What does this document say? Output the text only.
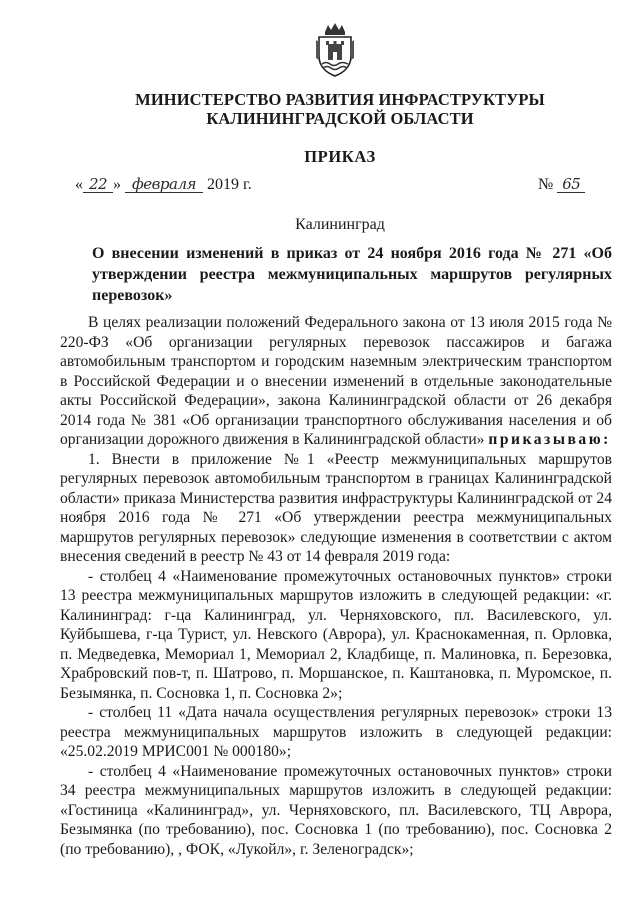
МИНИСТЕРСТВО РАЗВИТИЯ ИНФРАСТРУКТУРЫ
КАЛИНИНГРАДСКОЙ ОБЛАСТИ
ПРИКАЗ
« 22 » февраля 2019 г.	№ 65
Калининград
О внесении изменений в приказ от 24 ноября 2016 года № 271 «Об утверждении реестра межмуниципальных маршрутов регулярных перевозок»

В целях реализации положений Федерального закона от 13 июля 2015 года № 220-ФЗ «Об организации регулярных перевозок пассажиров и багажа автомобильным транспортом и городским наземным электрическим транспортом в Российской Федерации и о внесении изменений в отдельные законодательные акты Российской Федерации», закона Калининградской области от 26 декабря 2014 года № 381 «Об организации транспортного обслуживания населения и об организации дорожного движения в Калининградской области» приказываю:

1. Внести в приложение №1 «Реестр межмуниципальных маршрутов регулярных перевозок автомобильным транспортом в границах Калининградской области» приказа Министерства развития инфраструктуры Калининградской от 24 ноября 2016 года № 271 «Об утверждении реестра межмуниципальных маршрутов регулярных перевозок» следующие изменения в соответствии с актом внесения сведений в реестр № 43 от 14 февраля 2019 года:

- столбец 4 «Наименование промежуточных остановочных пунктов» строки 13 реестра межмуниципальных маршрутов изложить в следующей редакции: «г. Калининград: г-ца Калининград, ул. Черняховского, пл. Василевского, ул. Куйбышева, г-ца Турист, ул. Невского (Аврора), ул. Краснокаменная, п. Орловка, п. Медведевка, Мемориал 1, Мемориал 2, Кладбище, п. Малиновка, п. Березовка, Храбровский пов-т, п. Шатрово, п. Моршанское, п. Каштановка, п. Муромское, п. Безымянка, п. Сосновка 1, п. Сосновка 2»;

- столбец 11 «Дата начала осуществления регулярных перевозок» строки 13 реестра межмуниципальных маршрутов изложить в следующей редакции: «25.02.2019 МРИС001 № 000180»;

- столбец 4 «Наименование промежуточных остановочных пунктов» строки 34 реестра межмуниципальных маршрутов изложить в следующей редакции: «Гостиница «Калининград», ул. Черняховского, пл. Василевского, ТЦ Аврора, Безымянка (по требованию), пос. Сосновка 1 (по требованию), пос. Сосновка 2 (по требованию), , ФОК, «Лукойл», г. Зеленоградск»;
